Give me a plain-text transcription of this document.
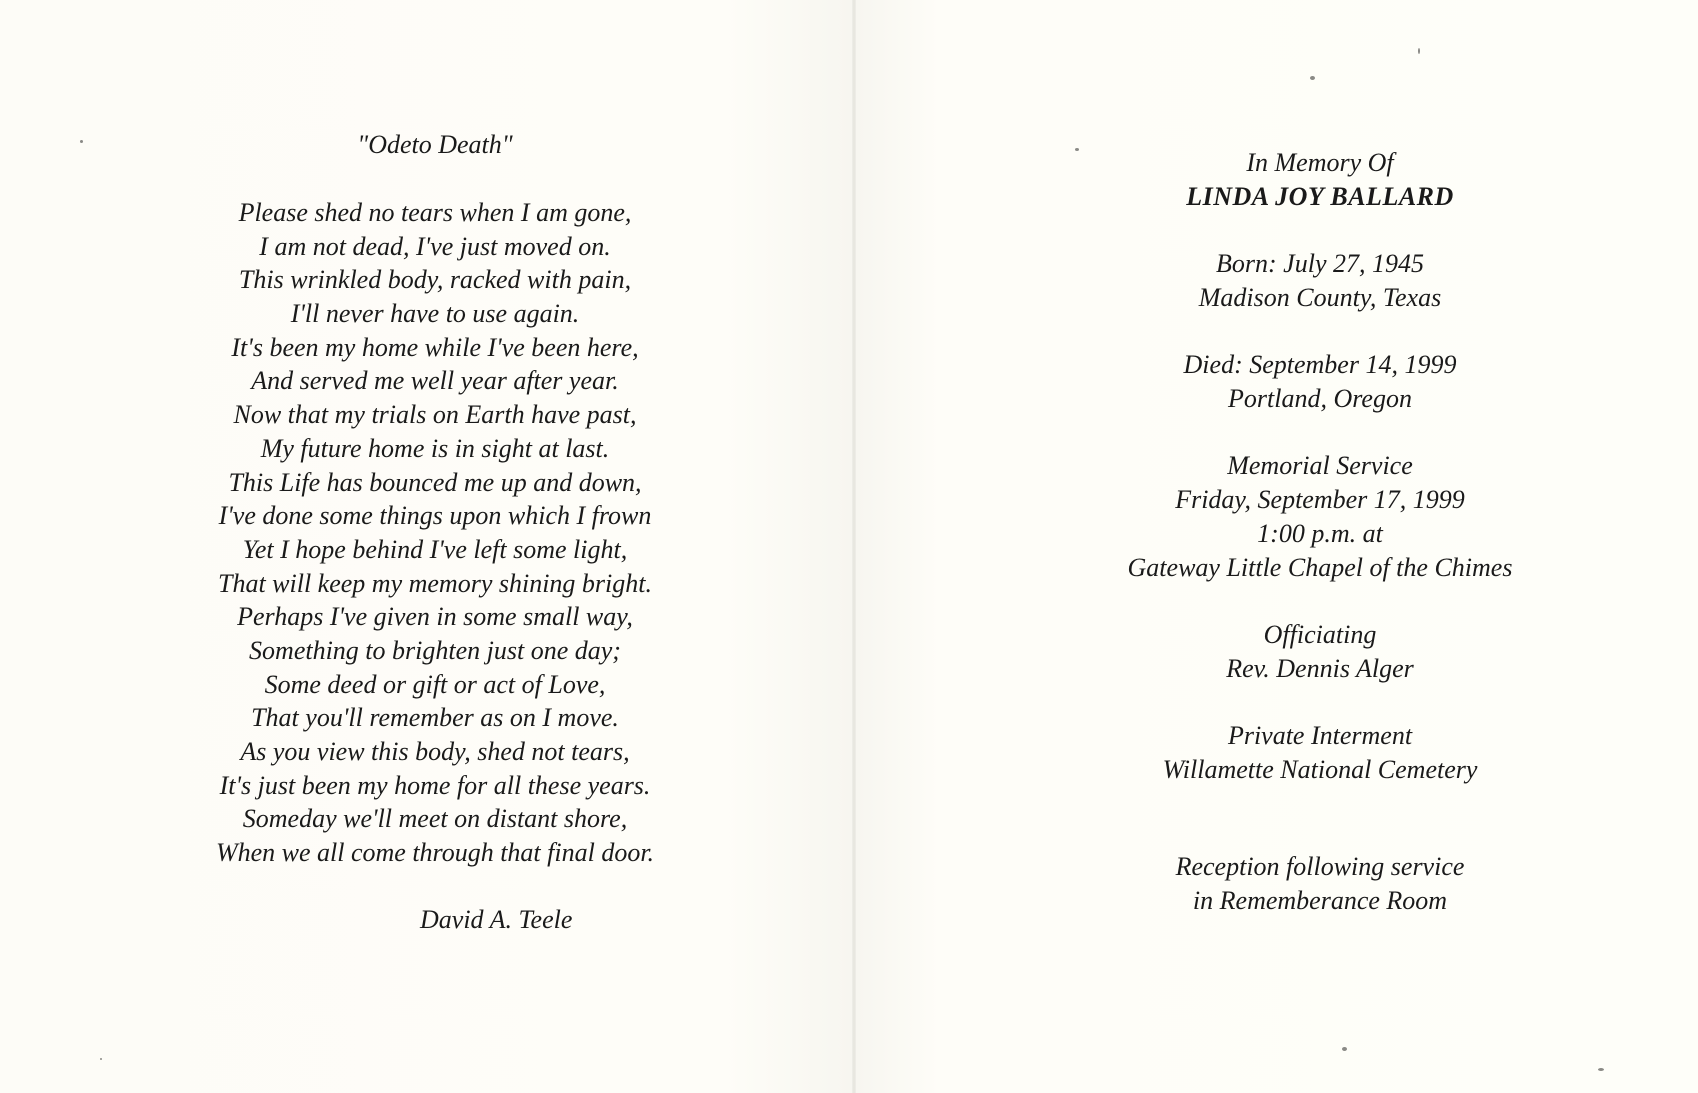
"Odeto Death"
Please shed no tears when I am gone,
I am not dead, I've just moved on.
This wrinkled body, racked with pain,
I'll never have to use again.
It's been my home while I've been here,
And served me well year after year.
Now that my trials on Earth have past,
My future home is in sight at last.
This Life has bounced me up and down,
I've done some things upon which I frown
Yet I hope behind I've left some light,
That will keep my memory shining bright.
Perhaps I've given in some small way,
Something to brighten just one day;
Some deed or gift or act of Love,
That you'll remember as on I move.
As you view this body, shed not tears,
It's just been my home for all these years.
Someday we'll meet on distant shore,
When we all come through that final door.
David A. Teele
In Memory Of
LINDA JOY BALLARD
Born: July 27, 1945
Madison County, Texas
Died: September 14, 1999
Portland, Oregon
Memorial Service
Friday, September 17, 1999
1:00 p.m. at
Gateway Little Chapel of the Chimes
Officiating
Rev. Dennis Alger
Private Interment
Willamette National Cemetery
Reception following service
in Rememberance Room
